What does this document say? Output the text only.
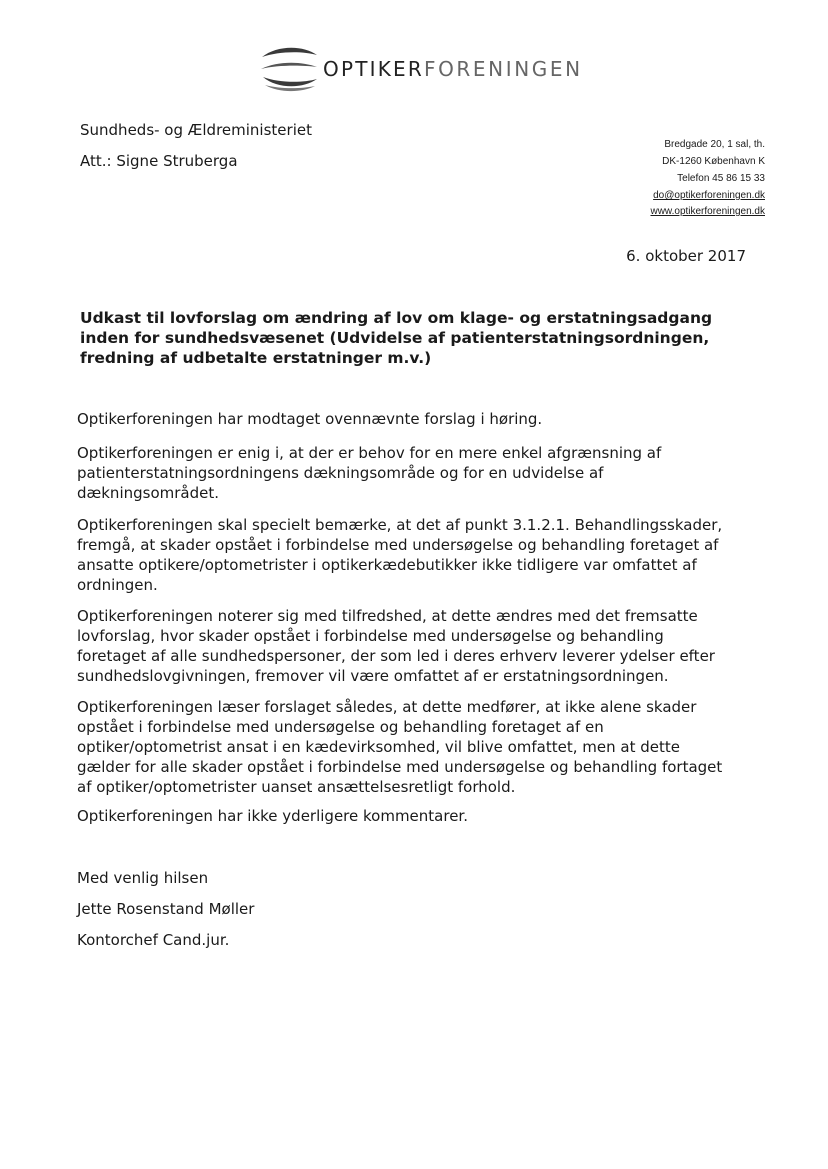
OPTIKERFORENINGEN
Sundheds- og Ældreministeriet
Att.: Signe Struberga
Bredgade 20, 1 sal, th.
DK-1260 København K
Telefon 45 86 15 33
do@optikerforeningen.dk
www.optikerforeningen.dk
6. oktober 2017
Udkast til lovforslag om ændring af lov om klage- og erstatningsadgang
inden for sundhedsvæsenet (Udvidelse af patienterstatningsordningen,
fredning af udbetalte erstatninger m.v.)
Optikerforeningen har modtaget ovennævnte forslag i høring.
Optikerforeningen er enig i, at der er behov for en mere enkel afgrænsning af
patienterstatningsordningens dækningsområde og for en udvidelse af
dækningsområdet.
Optikerforeningen skal specielt bemærke, at det af punkt 3.1.2.1. Behandlingsskader,
fremgå, at skader opstået i forbindelse med undersøgelse og behandling foretaget af
ansatte optikere/optometrister i optikerkædebutikker ikke tidligere var omfattet af
ordningen.
Optikerforeningen noterer sig med tilfredshed, at dette ændres med det fremsatte
lovforslag, hvor skader opstået i forbindelse med undersøgelse og behandling
foretaget af alle sundhedspersoner, der som led i deres erhverv leverer ydelser efter
sundhedslovgivningen, fremover vil være omfattet af er erstatningsordningen.
Optikerforeningen læser forslaget således, at dette medfører, at ikke alene skader
opstået i forbindelse med undersøgelse og behandling foretaget af en
optiker/optometrist ansat i en kædevirksomhed, vil blive omfattet, men at dette
gælder for alle skader opstået i forbindelse med undersøgelse og behandling fortaget
af optiker/optometrister uanset ansættelsesretligt forhold.
Optikerforeningen har ikke yderligere kommentarer.
Med venlig hilsen
Jette Rosenstand Møller
Kontorchef Cand.jur.
